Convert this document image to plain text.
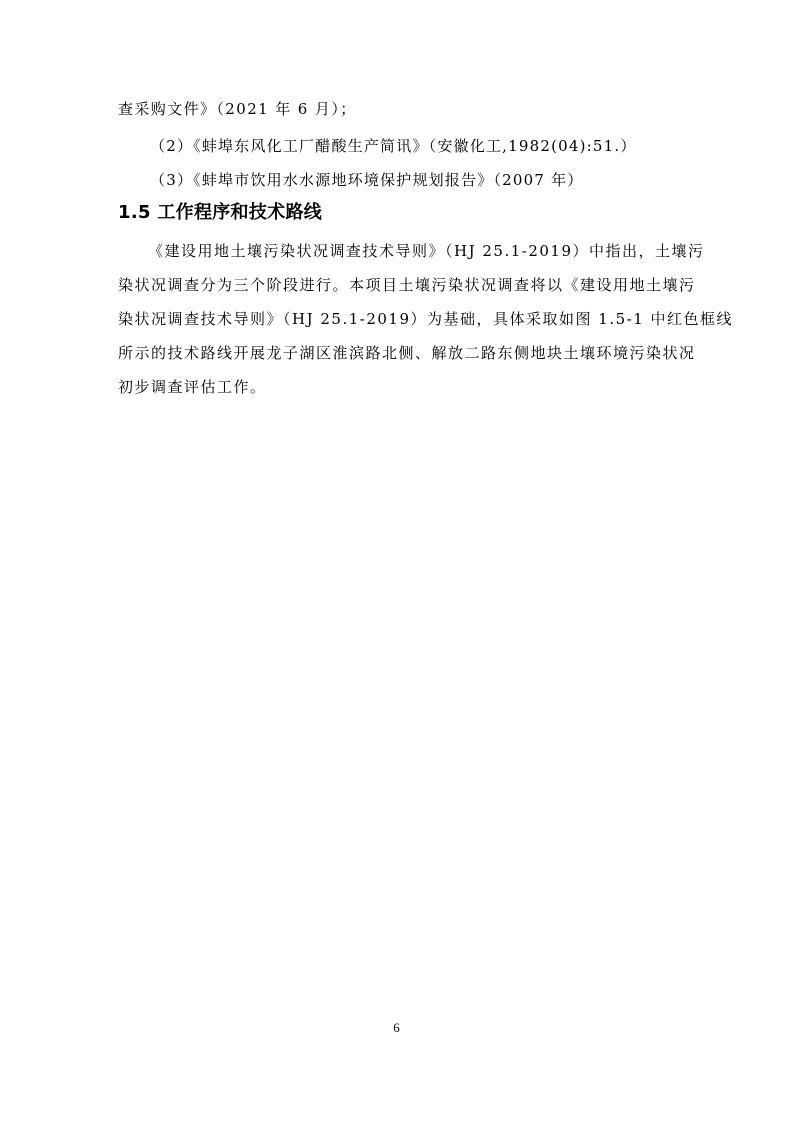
查采购文件》（2021 年 6 月）；
（2）《蚌埠东风化工厂醋酸生产简讯》（安徽化工,1982(04):51.）
（3）《蚌埠市饮用水水源地环境保护规划报告》（2007 年）
1.5 工作程序和技术路线
《建设用地土壤污染状况调查技术导则》（HJ 25.1-2019）中指出，土壤污
染状况调查分为三个阶段进行。本项目土壤污染状况调查将以《建设用地土壤污
染状况调查技术导则》（HJ 25.1-2019）为基础，具体采取如图 1.5-1 中红色框线
所示的技术路线开展龙子湖区淮滨路北侧、解放二路东侧地块土壤环境污染状况
初步调查评估工作。
6
